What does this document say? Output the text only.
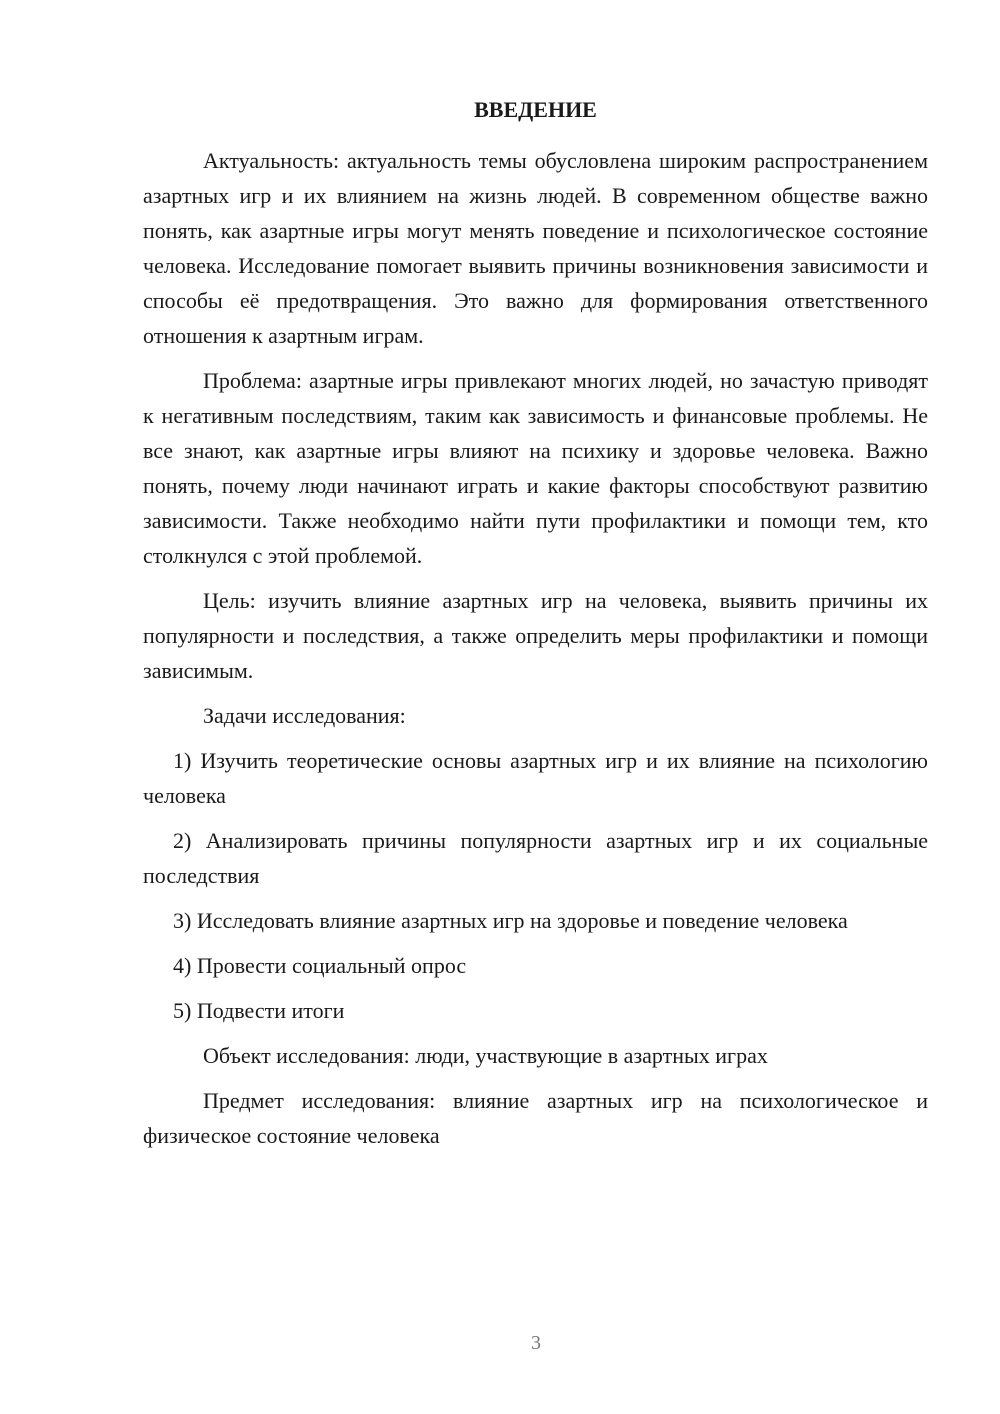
ВВЕДЕНИЕ

Актуальность: актуальность темы обусловлена широким распространением азартных игр и их влиянием на жизнь людей. В современном обществе важно понять, как азартные игры могут менять поведение и психологическое состояние человека. Исследование помогает выявить причины возникновения зависимости и способы её предотвращения. Это важно для формирования ответственного отношения к азартным играм.

Проблема: азартные игры привлекают многих людей, но зачастую приводят к негативным последствиям, таким как зависимость и финансовые проблемы. Не все знают, как азартные игры влияют на психику и здоровье человека. Важно понять, почему люди начинают играть и какие факторы способствуют развитию зависимости. Также необходимо найти пути профилактики и помощи тем, кто столкнулся с этой проблемой.

Цель: изучить влияние азартных игр на человека, выявить причины их популярности и последствия, а также определить меры профилактики и помощи зависимым.

Задачи исследования:

1) Изучить теоретические основы азартных игр и их влияние на психологию человека

2) Анализировать причины популярности азартных игр и их социальные последствия

3) Исследовать влияние азартных игр на здоровье и поведение человека

4) Провести социальный опрос

5) Подвести итоги

Объект исследования: люди, участвующие в азартных играх

Предмет исследования: влияние азартных игр на психологическое и физическое состояние человека

3
